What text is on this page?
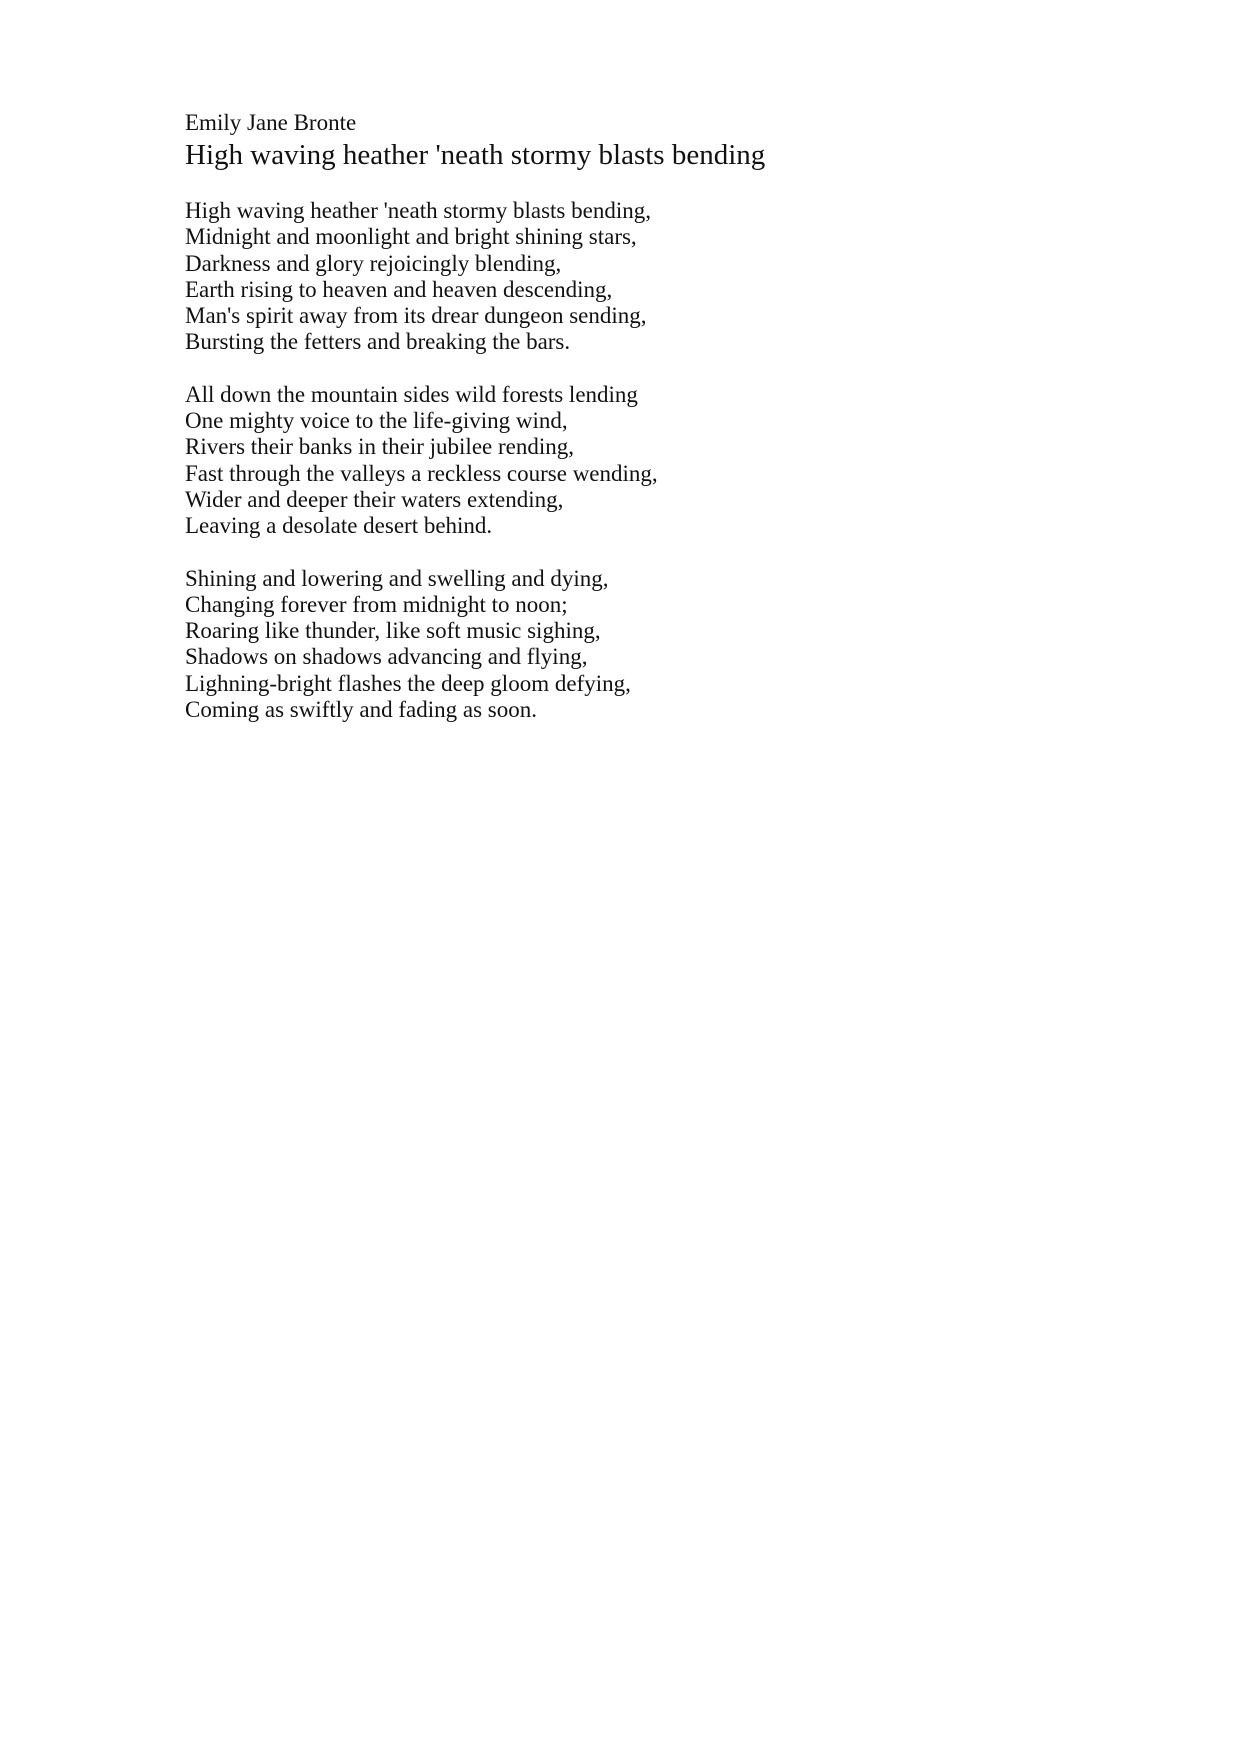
Emily Jane Bronte

High waving heather 'neath stormy blasts bending
High waving heather 'neath stormy blasts bending,
Midnight and moonlight and bright shining stars,
Darkness and glory rejoicingly blending,
Earth rising to heaven and heaven descending,
Man's spirit away from its drear dungeon sending,
Bursting the fetters and breaking the bars.
All down the mountain sides wild forests lending
One mighty voice to the life-giving wind,
Rivers their banks in their jubilee rending,
Fast through the valleys a reckless course wending,
Wider and deeper their waters extending,
Leaving a desolate desert behind.
Shining and lowering and swelling and dying,
Changing forever from midnight to noon;
Roaring like thunder, like soft music sighing,
Shadows on shadows advancing and flying,
Lighning-bright flashes the deep gloom defying,
Coming as swiftly and fading as soon.
